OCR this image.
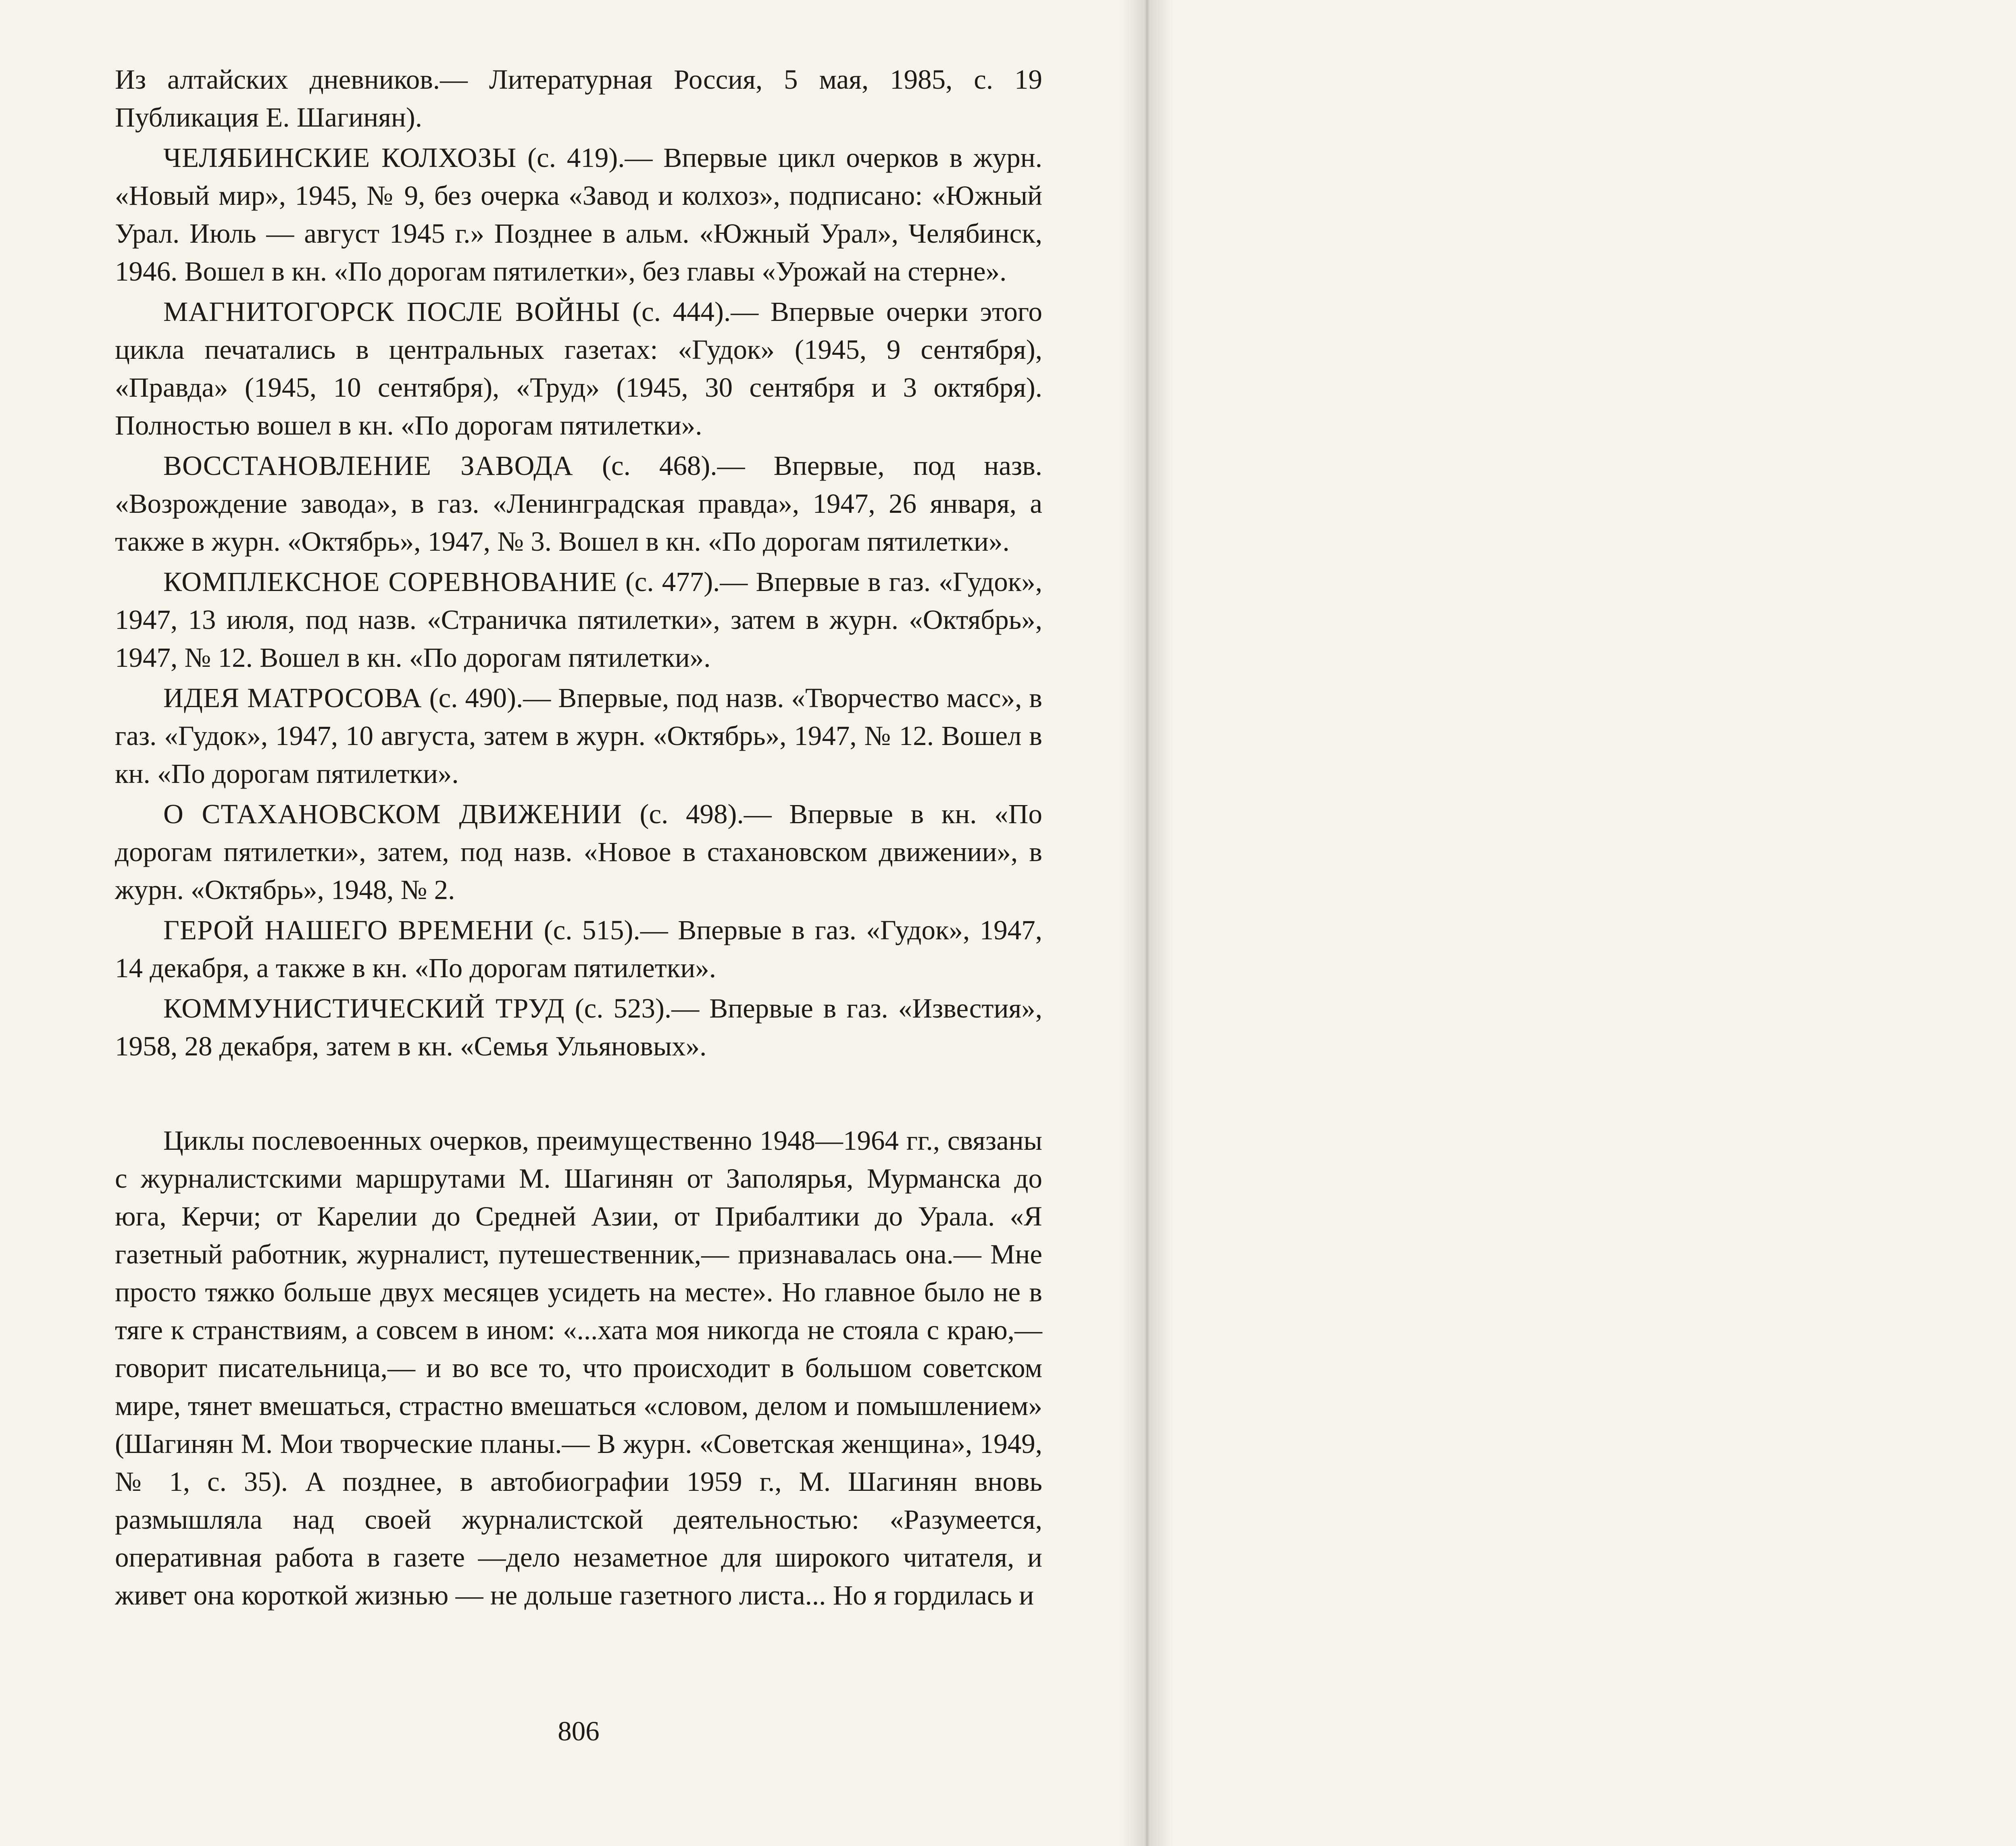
Из алтайских дневников.— Литературная Россия, 5 мая, 1985, с. 19 Публикация Е. Шагинян).

ЧЕЛЯБИНСКИЕ КОЛХОЗЫ (с. 419).— Впервые цикл очерков в журн. «Новый мир», 1945, № 9, без очерка «Завод и колхоз», подписано: «Южный Урал. Июль — август 1945 г.» Позднее в альм. «Южный Урал», Челябинск, 1946. Вошел в кн. «По дорогам пятилетки», без главы «Урожай на стерне».

МАГНИТОГОРСК ПОСЛЕ ВОЙНЫ (с. 444).— Впервые очерки этого цикла печатались в центральных газетах: «Гудок» (1945, 9 сентября), «Правда» (1945, 10 сентября), «Труд» (1945, 30 сентября и 3 октября). Полностью вошел в кн. «По дорогам пятилетки».

ВОССТАНОВЛЕНИЕ ЗАВОДА (с. 468).— Впервые, под назв. «Возрождение завода», в газ. «Ленинградская правда», 1947, 26 января, а также в журн. «Октябрь», 1947, № 3. Вошел в кн. «По дорогам пятилетки».

КОМПЛЕКСНОЕ СОРЕВНОВАНИЕ (с. 477).— Впервые в газ. «Гудок», 1947, 13 июля, под назв. «Страничка пятилетки», затем в журн. «Октябрь», 1947, № 12. Вошел в кн. «По дорогам пятилетки».

ИДЕЯ МАТРОСОВА (с. 490).— Впервые, под назв. «Творчество масс», в газ. «Гудок», 1947, 10 августа, затем в журн. «Октябрь», 1947, № 12. Вошел в кн. «По дорогам пятилетки».

О СТАХАНОВСКОМ ДВИЖЕНИИ (с. 498).— Впервые в кн. «По дорогам пятилетки», затем, под назв. «Новое в стахановском движении», в журн. «Октябрь», 1948, № 2.

ГЕРОЙ НАШЕГО ВРЕМЕНИ (с. 515).— Впервые в газ. «Гудок», 1947, 14 декабря, а также в кн. «По дорогам пятилетки».

КОММУНИСТИЧЕСКИЙ ТРУД (с. 523).— Впервые в газ. «Известия», 1958, 28 декабря, затем в кн. «Семья Ульяновых».

Циклы послевоенных очерков, преимущественно 1948—1964 гг., связаны с журналистскими маршрутами М. Шагинян от Заполярья, Мурманска до юга, Керчи; от Карелии до Средней Азии, от Прибалтики до Урала. «Я газетный работник, журналист, путешественник,— признавалась она.— Мне просто тяжко больше двух месяцев усидеть на месте». Но главное было не в тяге к странствиям, а совсем в ином: «...хата моя никогда не стояла с краю,— говорит писательница,— и во все то, что происходит в большом советском мире, тянет вмешаться, страстно вмешаться «словом, делом и помышлением» (Шагинян М. Мои творческие планы.— В журн. «Советская женщина», 1949, № 1, с. 35). А позднее, в автобиографии 1959 г., М. Шагинян вновь размышляла над своей журналистской деятельностью: «Разумеется, оперативная работа в газете —дело незаметное для широкого читателя, и живет она короткой жизнью — не дольше газетного листа... Но я гордилась и

806
